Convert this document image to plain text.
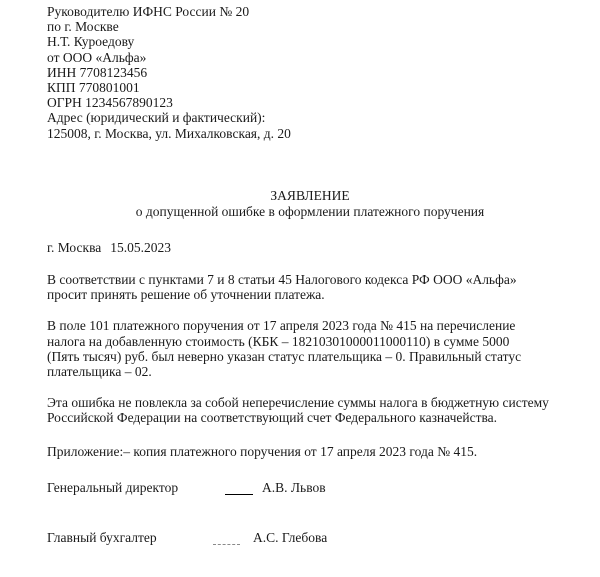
Руководителю ИФНС России № 20
по г. Москве
Н.Т. Куроедову
от ООО «Альфа»
ИНН 7708123456
КПП 770801001
ОГРН 1234567890123
Адрес (юридический и фактический):
125008, г. Москва, ул. Михалковская, д. 20
ЗАЯВЛЕНИЕ
о допущенной ошибке в оформлении платежного поручения
г. Москва 15.05.2023
В соответствии с пунктами 7 и 8 статьи 45 Налогового кодекса РФ ООО «Альфа»
просит принять решение об уточнении платежа.
В поле 101 платежного поручения от 17 апреля 2023 года № 415 на перечисление
налога на добавленную стоимость (КБК – 18210301000011000110) в сумме 5000
(Пять тысяч) руб. был неверно указан статус плательщика – 0. Правильный статус
плательщика – 02.
Эта ошибка не повлекла за собой неперечисление суммы налога в бюджетную систему
Российской Федерации на соответствующий счет Федерального казначейства.
Приложение:– копия платежного поручения от 17 апреля 2023 года № 415.
Генеральный директор	А.В. Львов
Главный бухгалтер	А.С. Глебова
